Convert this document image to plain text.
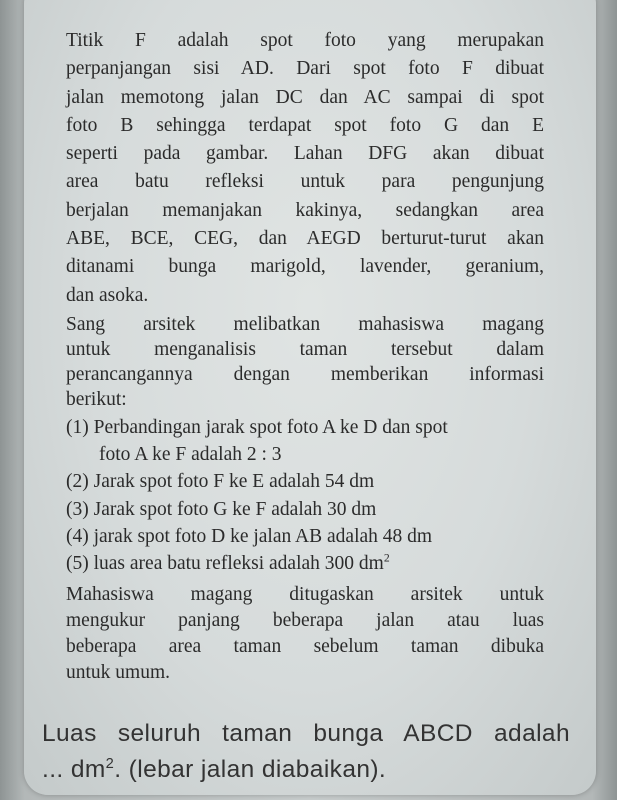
Titik F adalah spot foto yang merupakan
perpanjangan sisi AD. Dari spot foto F dibuat
jalan memotong jalan DC dan AC sampai di spot
foto B sehingga terdapat spot foto G dan E
seperti pada gambar. Lahan DFG akan dibuat
area batu refleksi untuk para pengunjung
berjalan memanjakan kakinya, sedangkan area
ABE, BCE, CEG, dan AEGD berturut-turut akan
ditanami bunga marigold, lavender, geranium,
dan asoka.
Sang arsitek melibatkan mahasiswa magang
untuk menganalisis taman tersebut dalam
perancangannya dengan memberikan informasi
berikut:
(1) Perbandingan jarak spot foto A ke D dan spot
foto A ke F adalah 2 : 3
(2) Jarak spot foto F ke E adalah 54 dm
(3) Jarak spot foto G ke F adalah 30 dm
(4) jarak spot foto D ke jalan AB adalah 48 dm
(5) luas area batu refleksi adalah 300 $dm^2$
Mahasiswa magang ditugaskan arsitek untuk
mengukur panjang beberapa jalan atau luas
beberapa area taman sebelum taman dibuka
untuk umum.
Luas seluruh taman bunga ABCD adalah
... $dm^2$. (lebar jalan diabaikan).
